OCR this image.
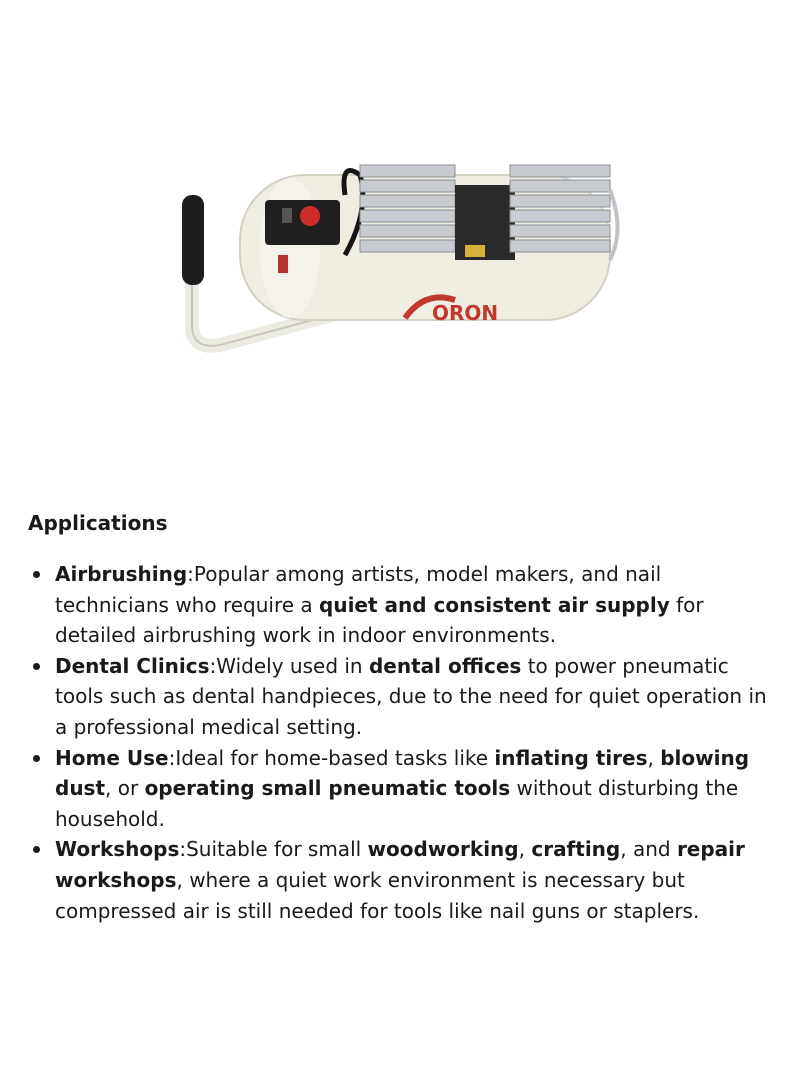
ORON
Applications
Airbrushing:Popular among artists, model makers, and nail technicians who require a quiet and consistent air supply for detailed airbrushing work in indoor environments.
Dental Clinics:Widely used in dental offices to power pneumatic tools such as dental handpieces, due to the need for quiet operation in a professional medical setting.
Home Use:Ideal for home-based tasks like inflating tires, blowing dust, or operating small pneumatic tools without disturbing the household.
Workshops:Suitable for small woodworking, crafting, and repair workshops, where a quiet work environment is necessary but compressed air is still needed for tools like nail guns or staplers.
